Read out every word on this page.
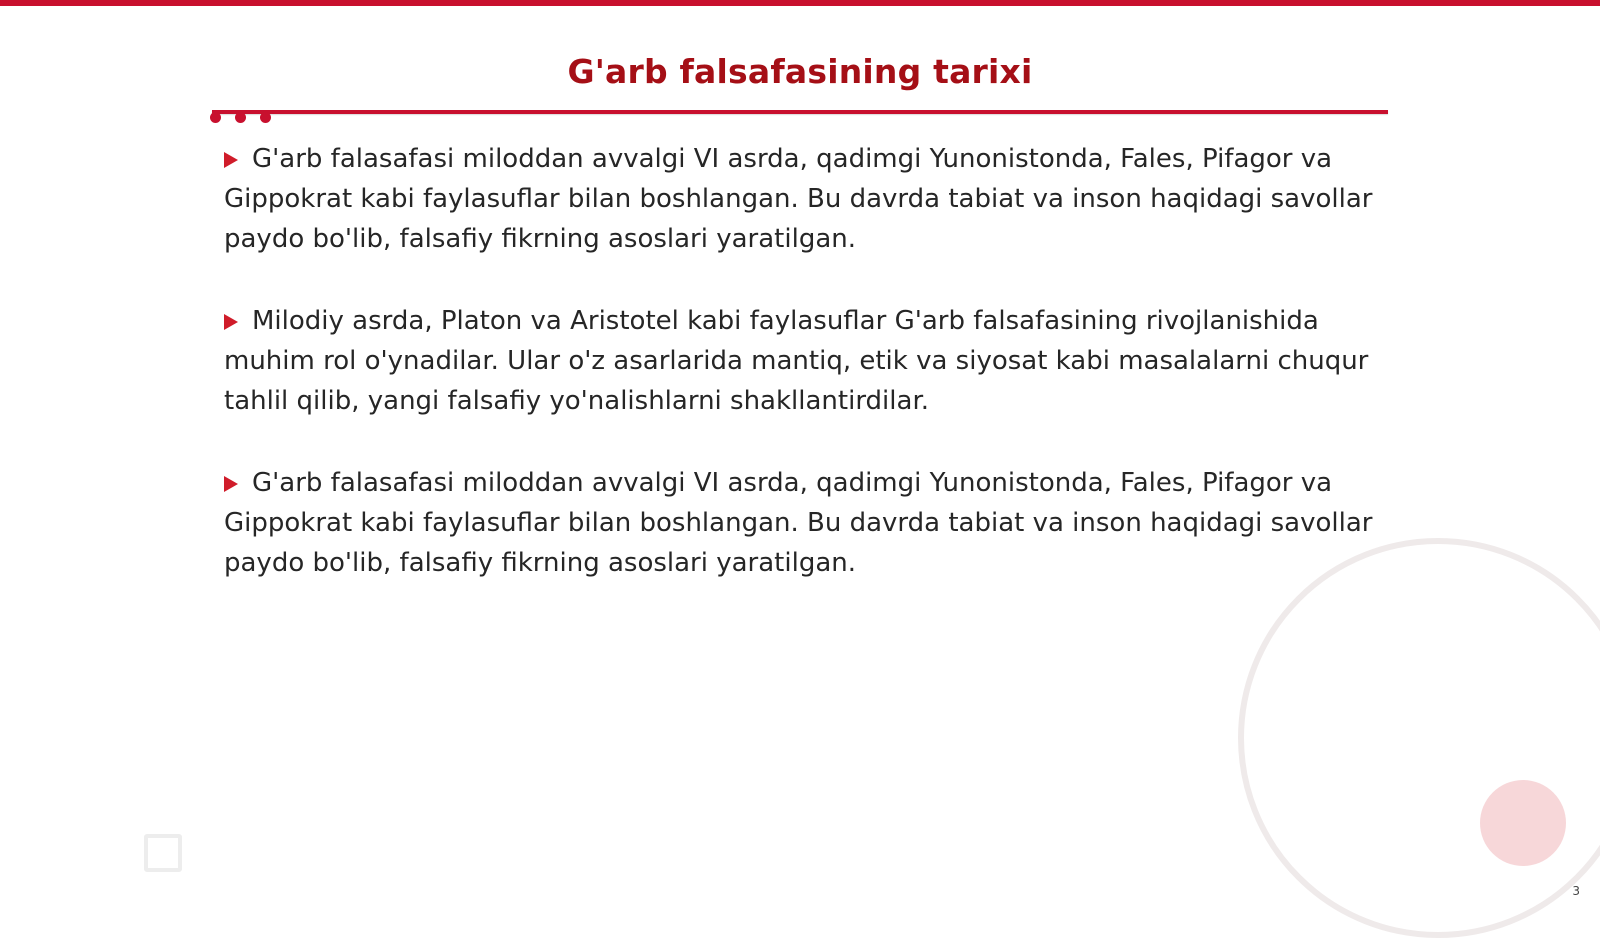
G'arb falsafasining tarixi
G'arb falasafasi miloddan avvalgi VI asrda, qadimgi Yunonistonda, Fales, Pifagor va Gippokrat kabi faylasuflar bilan boshlangan. Bu davrda tabiat va inson haqidagi savollar paydo bo'lib, falsafiy fikrning asoslari yaratilgan.
Milodiy asrda, Platon va Aristotel kabi faylasuflar G'arb falsafasining rivojlanishida muhim rol o'ynadilar. Ular o'z asarlarida mantiq, etik va siyosat kabi masalalarni chuqur tahlil qilib, yangi falsafiy yo'nalishlarni shakllantirdilar.
G'arb falasafasi miloddan avvalgi VI asrda, qadimgi Yunonistonda, Fales, Pifagor va Gippokrat kabi faylasuflar bilan boshlangan. Bu davrda tabiat va inson haqidagi savollar paydo bo'lib, falsafiy fikrning asoslari yaratilgan.
3
